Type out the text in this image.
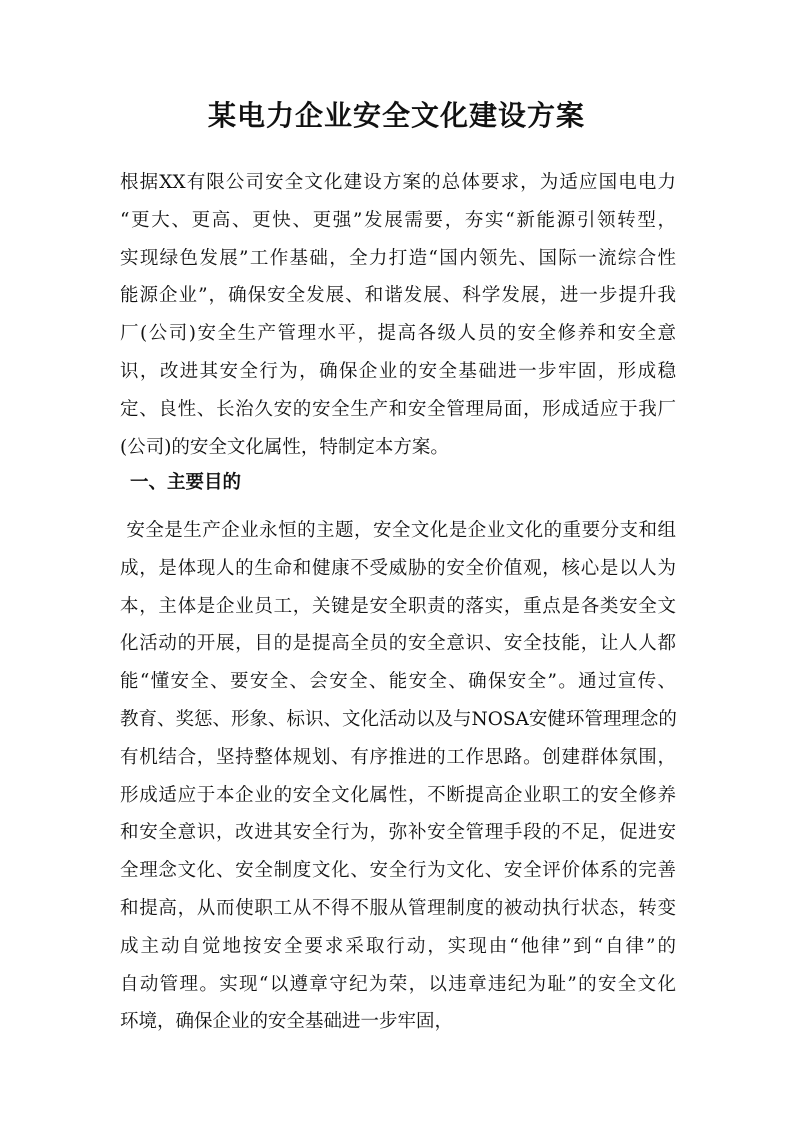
某电力企业安全文化建设方案
根据XX有限公司安全文化建设方案的总体要求，为适应国电电力
“更大、更高、更快、更强”发展需要，夯实“新能源引领转型，
实现绿色发展”工作基础，全力打造“国内领先、国际一流综合性
能源企业”，确保安全发展、和谐发展、科学发展，进一步提升我
厂(公司)安全生产管理水平，提高各级人员的安全修养和安全意
识，改进其安全行为，确保企业的安全基础进一步牢固，形成稳
定、良性、长治久安的安全生产和安全管理局面，形成适应于我厂
(公司)的安全文化属性，特制定本方案。
一、主要目的
安全是生产企业永恒的主题，安全文化是企业文化的重要分支和组
成，是体现人的生命和健康不受威胁的安全价值观，核心是以人为
本，主体是企业员工，关键是安全职责的落实，重点是各类安全文
化活动的开展，目的是提高全员的安全意识、安全技能，让人人都
能“懂安全、要安全、会安全、能安全、确保安全”。通过宣传、
教育、奖惩、形象、标识、文化活动以及与NOSA安健环管理理念的
有机结合，坚持整体规划、有序推进的工作思路。创建群体氛围，
形成适应于本企业的安全文化属性，不断提高企业职工的安全修养
和安全意识，改进其安全行为，弥补安全管理手段的不足，促进安
全理念文化、安全制度文化、安全行为文化、安全评价体系的完善
和提高，从而使职工从不得不服从管理制度的被动执行状态，转变
成主动自觉地按安全要求采取行动，实现由“他律”到“自律”的
自动管理。实现“以遵章守纪为荣，以违章违纪为耻”的安全文化
环境，确保企业的安全基础进一步牢固，
